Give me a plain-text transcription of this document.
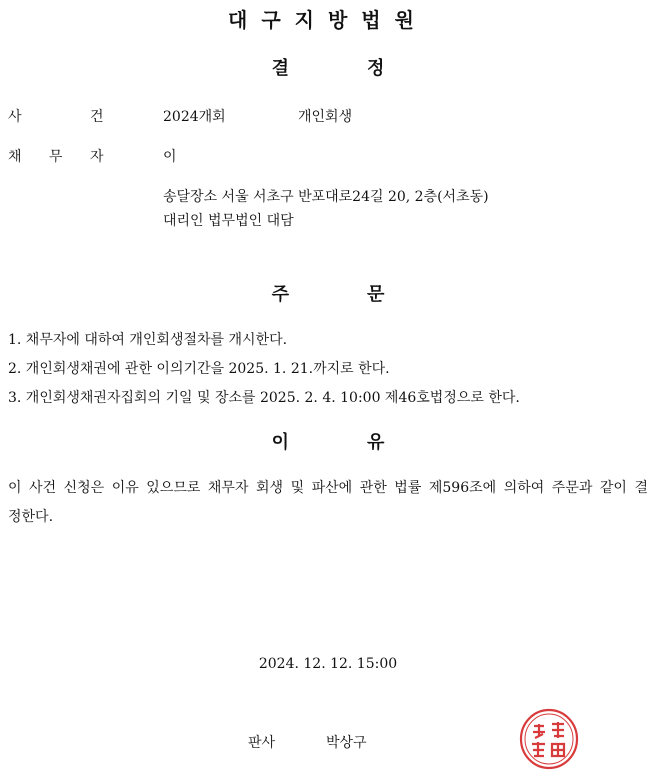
대구지방법원
결	정
사	건	2024개회	개인회생
채 무 자	이
송달장소 서울 서초구 반포대로24길 20, 2층(서초동)
대리인 법무법인 대담
주	문
1. 채무자에 대하여 개인회생절차를 개시한다.
2. 개인회생채권에 관한 이의기간을 2025. 1. 21.까지로 한다.
3. 개인회생채권자집회의 기일 및 장소를 2025. 2. 4. 10:00 제46호법정으로 한다.
이	유
이 사건 신청은 이유 있으므로 채무자 회생 및 파산에 관한 법률 제596조에 의하여 주문과 같이 결정한다.
2024. 12. 12. 15:00
판사	박상구
